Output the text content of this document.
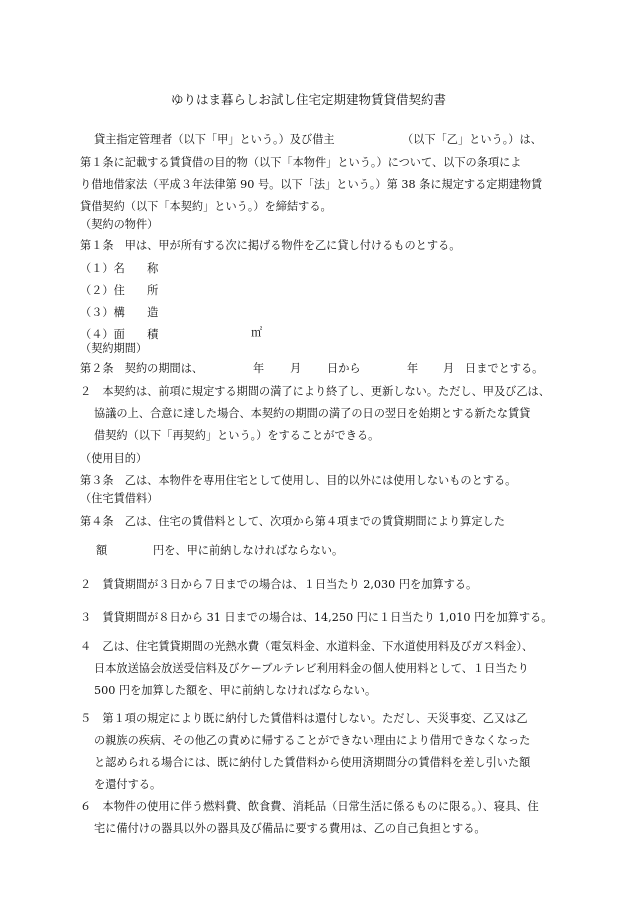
ゆりはま暮らしお試し住宅定期建物賃貸借契約書
貸主指定管理者（以下「甲」という。）及び借主	（以下「乙」という。）は、
第１条に記載する賃貸借の目的物（以下「本物件」という。）について、以下の条項によ
り借地借家法（平成３年法律第 90 号。以下「法」という。）第 38 条に規定する定期建物賃
貸借契約（以下「本契約」という。）を締結する。
（契約の物件）
第１条　甲は、甲が所有する次に掲げる物件を乙に貸し付けるものとする。
（１）名　　称
（２）住　　所
（３）構　　造
（４）面　　積	㎡
（契約期間）
第２条　契約の期間は、	年 月 日から	年 月 日までとする。
２　本契約は、前項に規定する期間の満了により終了し、更新しない。ただし、甲及び乙は、
協議の上、合意に達した場合、本契約の期間の満了の日の翌日を始期とする新たな賃貸
借契約（以下「再契約」という。）をすることができる。
（使用目的）
第３条　乙は、本物件を専用住宅として使用し、目的以外には使用しないものとする。
（住宅賃借料）
第４条　乙は、住宅の賃借料として、次項から第４項までの賃貸期間により算定した
額	円を、甲に前納しなければならない。
２　賃貸期間が３日から７日までの場合は、１日当たり 2,030 円を加算する。
３　賃貸期間が８日から 31 日までの場合は、14,250 円に１日当たり 1,010 円を加算する。
４　乙は、住宅賃貸期間の光熱水費（電気料金、水道料金、下水道使用料及びガス料金）、
日本放送協会放送受信料及びケーブルテレビ利用料金の個人使用料として、１日当たり
500 円を加算した額を、甲に前納しなければならない。
５　第１項の規定により既に納付した賃借料は還付しない。ただし、天災事変、乙又は乙
の親族の疾病、その他乙の責めに帰することができない理由により借用できなくなった
と認められる場合には、既に納付した賃借料から使用済期間分の賃借料を差し引いた額
を還付する。
６　本物件の使用に伴う燃料費、飲食費、消耗品（日常生活に係るものに限る。）、寝具、住
宅に備付けの器具以外の器具及び備品に要する費用は、乙の自己負担とする。
